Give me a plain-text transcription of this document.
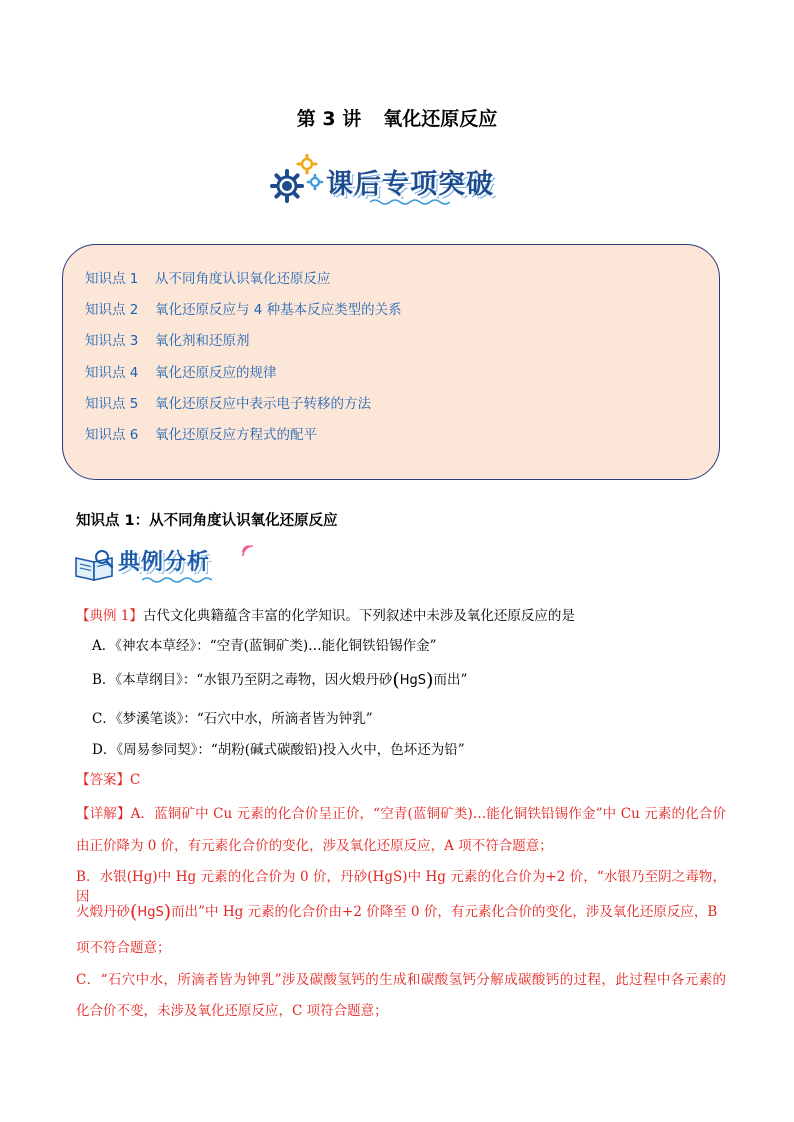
第 3 讲 氧化还原反应
课后专项突破
知识点 1 从不同角度认识氧化还原反应
知识点 2 氧化还原反应与 4 种基本反应类型的关系
知识点 3 氧化剂和还原剂
知识点 4 氧化还原反应的规律
知识点 5 氧化还原反应中表示电子转移的方法
知识点 6 氧化还原反应方程式的配平
知识点 1：从不同角度认识氧化还原反应
典例分析
【典例 1】古代文化典籍蕴含丰富的化学知识。下列叙述中未涉及氧化还原反应的是
A．《神农本草经》：“空青(蓝铜矿类)…能化铜铁铅锡作金”
B．《本草纲目》：“水银乃至阴之毒物，因火煅丹砂(HgS)而出”
C．《梦溪笔谈》：“石穴中水，所滴者皆为钟乳”
D．《周易参同契》：“胡粉(碱式碳酸铅)投入火中，色坏还为铅”
【答案】C
【详解】A．蓝铜矿中 Cu 元素的化合价呈正价，“空青(蓝铜矿类)…能化铜铁铅锡作金”中 Cu 元素的化合价
由正价降为 0 价，有元素化合价的变化，涉及氧化还原反应，A 项不符合题意；
B．水银(Hg)中 Hg 元素的化合价为 0 价，丹砂(HgS)中 Hg 元素的化合价为+2 价，“水银乃至阴之毒物，因
火煅丹砂(HgS)而出”中 Hg 元素的化合价由+2 价降至 0 价，有元素化合价的变化，涉及氧化还原反应，B
项不符合题意；
C．“石穴中水，所滴者皆为钟乳”涉及碳酸氢钙的生成和碳酸氢钙分解成碳酸钙的过程，此过程中各元素的
化合价不变，未涉及氧化还原反应，C 项符合题意；
